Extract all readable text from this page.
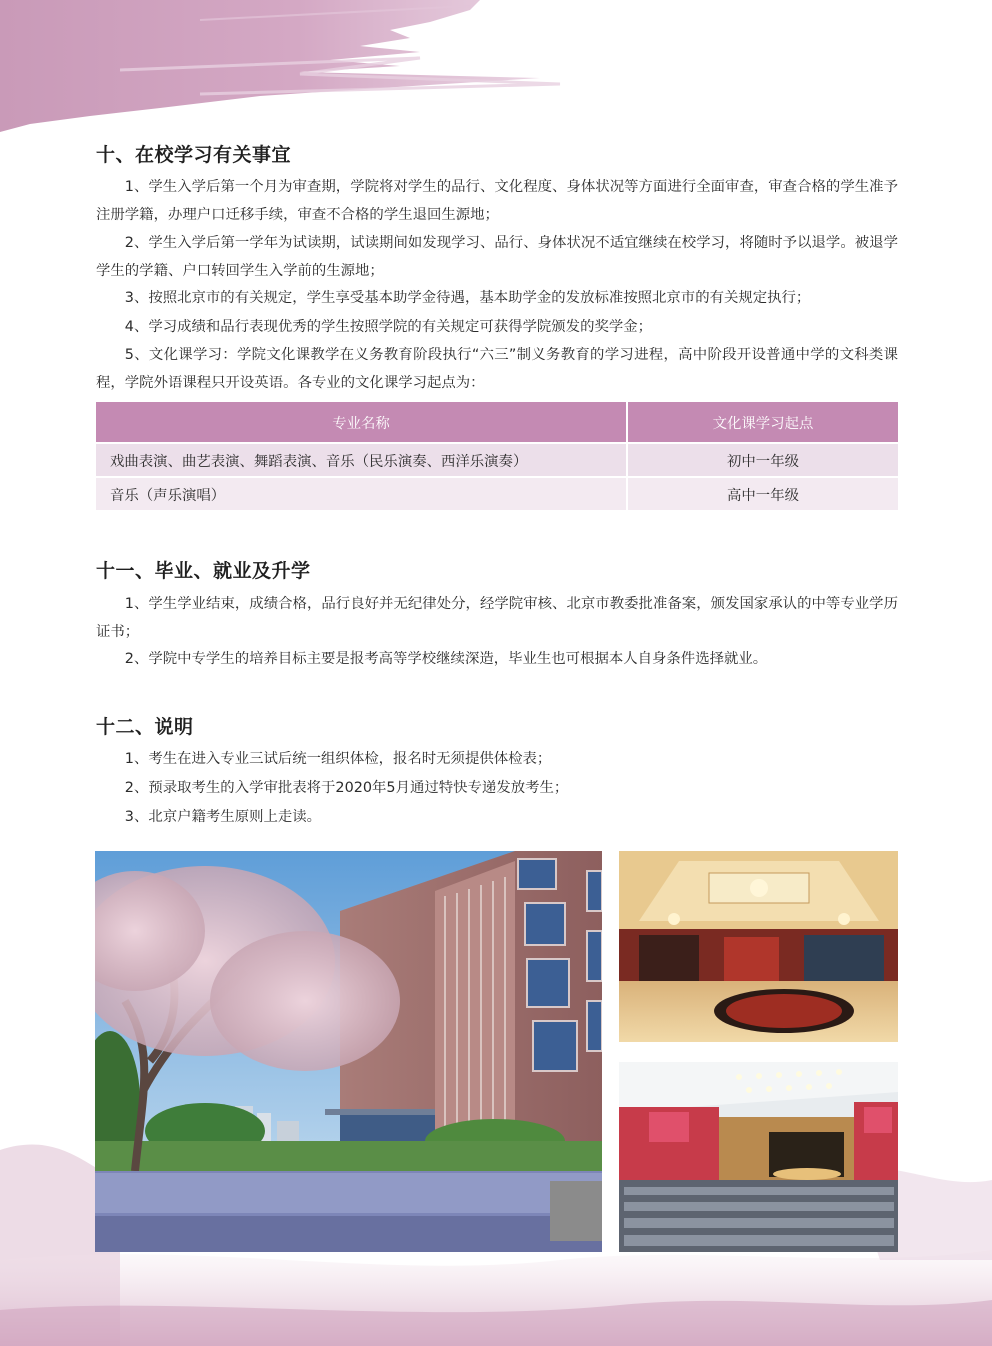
十、在校学习有关事宜

1、学生入学后第一个月为审查期，学院将对学生的品行、文化程度、身体状况等方面进行全面审查，审查合格的学生准予注册学籍，办理户口迁移手续，审查不合格的学生退回生源地；

2、学生入学后第一学年为试读期，试读期间如发现学习、品行、身体状况不适宜继续在校学习，将随时予以退学。被退学学生的学籍、户口转回学生入学前的生源地；

3、按照北京市的有关规定，学生享受基本助学金待遇，基本助学金的发放标准按照北京市的有关规定执行；

4、学习成绩和品行表现优秀的学生按照学院的有关规定可获得学院颁发的奖学金；

5、文化课学习：学院文化课教学在义务教育阶段执行“六三”制义务教育的学习进程，高中阶段开设普通中学的文科类课程，学院外语课程只开设英语。各专业的文化课学习起点为：

专业名称	文化课学习起点
戏曲表演、曲艺表演、舞蹈表演、音乐（民乐演奏、西洋乐演奏）	初中一年级
音乐（声乐演唱）	高中一年级
十一、毕业、就业及升学

1、学生学业结束，成绩合格，品行良好并无纪律处分，经学院审核、北京市教委批准备案，颁发国家承认的中等专业学历证书；

2、学院中专学生的培养目标主要是报考高等学校继续深造，毕业生也可根据本人自身条件选择就业。

十二、说明

1、考生在进入专业三试后统一组织体检，报名时无须提供体检表；

2、预录取考生的入学审批表将于2020年5月通过特快专递发放考生；

3、北京户籍考生原则上走读。
